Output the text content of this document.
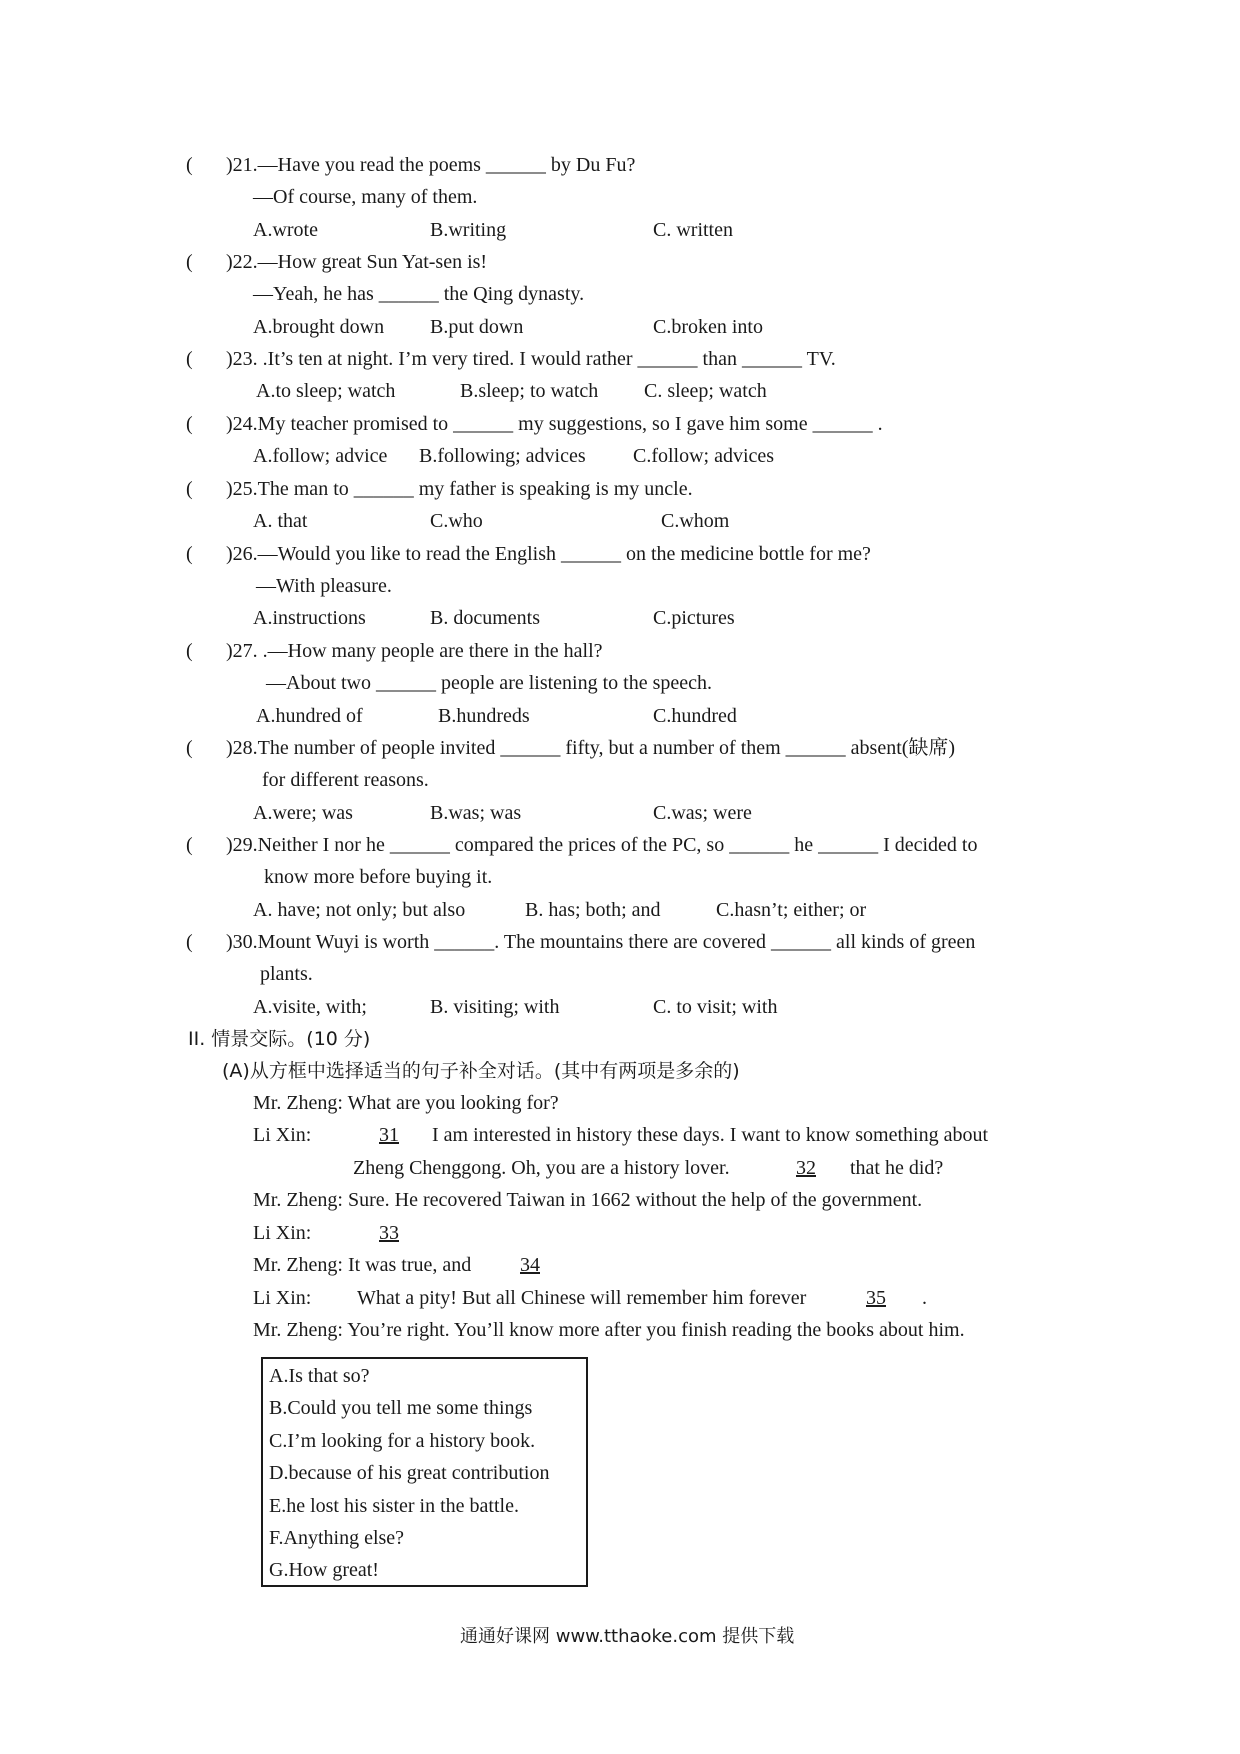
( )21.—Have you read the poems ______ by Du Fu?
—Of course, many of them.
A.wrote	B.writing	C. written
( )22.—How great Sun Yat-sen is!
—Yeah, he has ______ the Qing dynasty.
A.brought down B.put down	C.broken into
( )23. .It’s ten at night. I’m very tired. I would rather ______ than ______ TV.
A.to sleep; watch	B.sleep; to watch C. sleep; watch
( )24.My teacher promised to ______ my suggestions, so I gave him some ______ .
A.follow; advice B.following; advices C.follow; advices
( )25.The man to ______ my father is speaking is my uncle.
A. that	C.who	C.whom
( )26.—Would you like to read the English ______ on the medicine bottle for me?
—With pleasure.
A.instructions	B. documents	C.pictures
( )27. .—How many people are there in the hall?
—About two ______ people are listening to the speech.
A.hundred of	B.hundreds	C.hundred
( )28.The number of people invited ______ fifty, but a number of them ______ absent(缺席)
for different reasons.
A.were; was	B.was; was	C.was; were
( )29.Neither I nor he ______ compared the prices of the PC, so ______ he ______ I decided to
know more before buying it.
A. have; not only; but also	B. has; both; and	C.hasn’t; either; or
( )30.Mount Wuyi is worth ______. The mountains there are covered ______ all kinds of green
plants.
A.visite, with;	B. visiting; with	C. to visit; with
II. 情景交际。(10 分)
(A)从方框中选择适当的句子补全对话。(其中有两项是多余的)
Mr. Zheng: What are you looking for?
Li Xin:	31	I am interested in history these days. I want to know something about
Zheng Chenggong. Oh, you are a history lover.	32	that he did?
Mr. Zheng: Sure. He recovered Taiwan in 1662 without the help of the government.
Li Xin:	33
Mr. Zheng: It was true, and	34
Li Xin: What a pity! But all Chinese will remember him forever	35	.
Mr. Zheng: You’re right. You’ll know more after you finish reading the books about him.
A.Is that so?
B.Could you tell me some things
C.I’m looking for a history book.
D.because of his great contribution
E.he lost his sister in the battle.
F.Anything else?
G.How great!
通通好课网 www.tthaoke.com 提供下载
